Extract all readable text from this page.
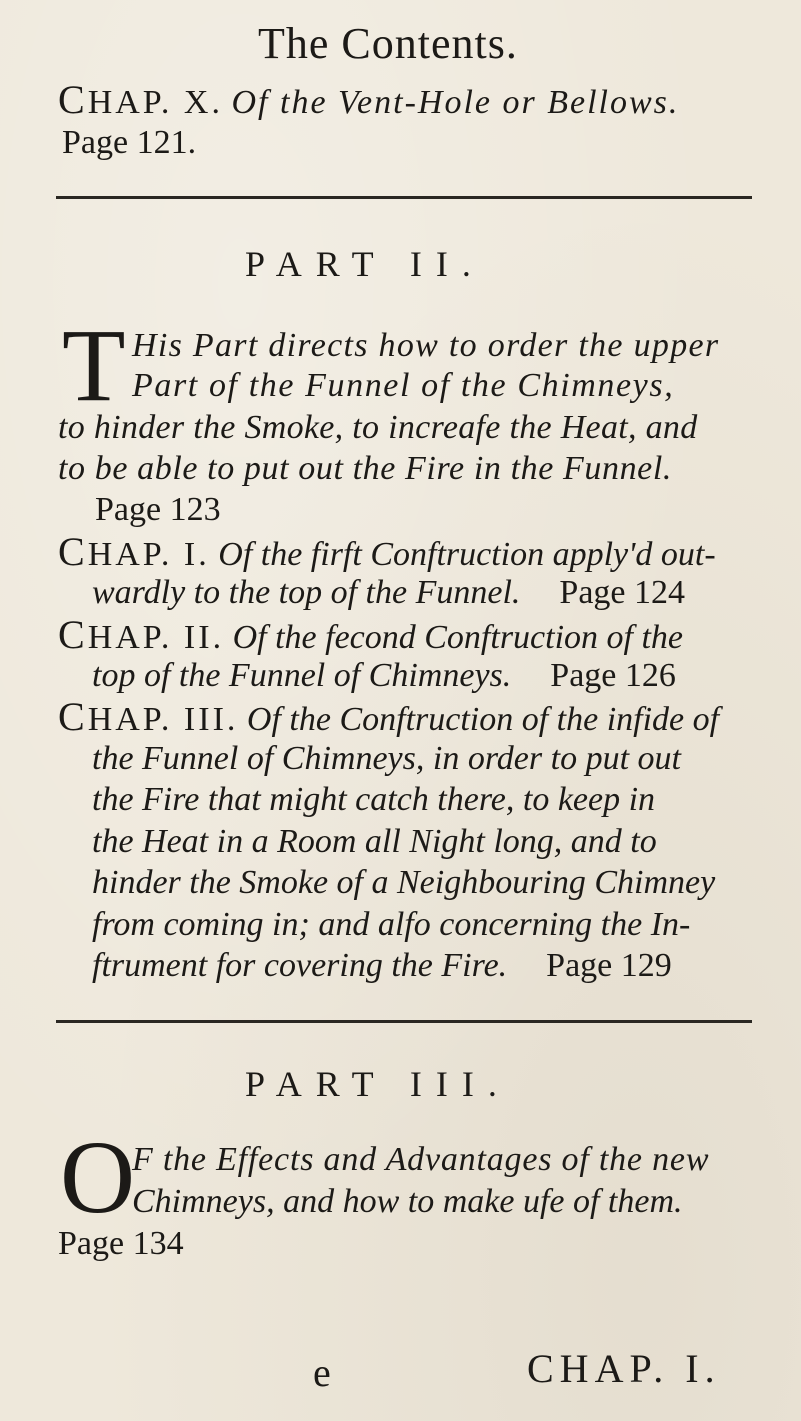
The Contents.
CHAP. X. Of the Vent-Hole or Bellows.
Page 121.
PART II.
T His Part directs how to order the upper
Part of the Funnel of the Chimneys,
to hinder the Smoke, to increafe the Heat, and
to be able to put out the Fire in the Funnel.
Page 123
CHAP. I. Of the firft Conftruction apply'd out-
wardly to the top of the Funnel. Page 124
CHAP. II. Of the fecond Conftruction of the
top of the Funnel of Chimneys. Page 126
CHAP. III. Of the Conftruction of the infide of
the Funnel of Chimneys, in order to put out
the Fire that might catch there, to keep in
the Heat in a Room all Night long, and to
hinder the Smoke of a Neighbouring Chimney
from coming in; and alfo concerning the In-
ftrument for covering the Fire. Page 129
PART III.
O
F the Effects and Advantages of the new
Chimneys, and how to make ufe of them.
Page 134
e	CHAP. I.
